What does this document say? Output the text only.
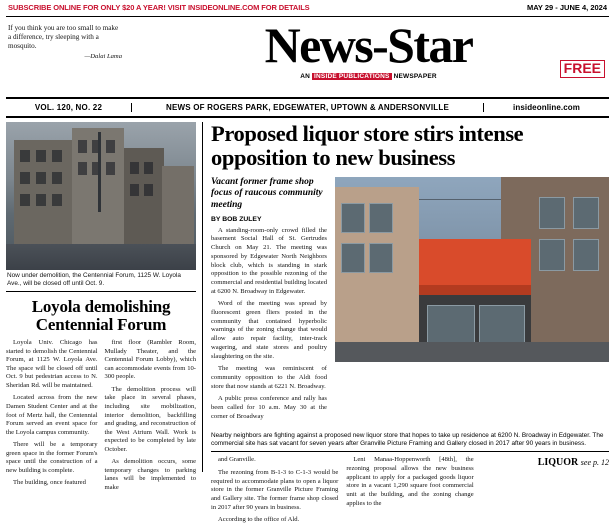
SUBSCRIBE ONLINE FOR ONLY $20 A YEAR! VISIT INSIDEONLINE.COM FOR DETAILS	MAY 29 - JUNE 4, 2024
If you think you are too small to make a difference, try sleeping with a mosquito.
—Dalai Lama	News-Star
AN INSIDE PUBLICATIONS NEWSPAPER	FREE
VOL. 120, NO. 22	NEWS OF ROGERS PARK, EDGEWATER, UPTOWN & ANDERSONVILLE	insideonline.com
Now under demolition, the Centennial Forum, 1125 W. Loyola Ave., will be closed off until Oct. 9.
Loyola demolishing Centennial Forum

Loyola Univ. Chicago has started to demolish the Centennial Forum, at 1125 W. Loyola Ave. The space will be closed off until Oct. 9 but pedestrian access to N. Sheridan Rd. will be maintained.

Located across from the new Damen Student Center and at the foot of Mertz hall, the Centennial Forum served an event space for the Loyola campus community.

There will be a temporary green space in the former Forum's space until the construction of a new building is complete.

The building, once featured

first floor (Rambler Room, Mullady Theater, and the Centennial Forum Lobby), which can accommodate events from 10-300 people.

The demolition process will take place in several phases, including site mobilization, interior demolition, backfilling and grading, and reconstruction of the West Atrium Wall. Work is expected to be completed by late October.

As demolition occurs, some temporary changes to parking lanes will be implemented to make

Proposed liquor store stirs intense opposition to new business
Vacant former frame shop focus of raucous community meeting
BY BOB ZULEY

A standing-room-only crowd filled the basement Social Hall of St. Gertrudes Church on May 21. The meeting was sponsored by Edgewater North Neighbors block club, which is standing in stark opposition to the possible rezoning of the commercial and residential building located at 6200 N. Broadway in Edgewater.

Word of the meeting was spread by fluorescent green fliers posted in the community that contained hyperbolic warnings of the zoning change that would allow auto repair facility, inter-track wagering, and state stores and poultry slaughtering on the site.

The meeting was reminiscent of community opposition to the Aldi food store that now stands at 6221 N. Broadway.

A public press conference and rally has been called for 10 a.m. May 30 at the corner of Broadway

Nearby neighbors are fighting against a proposed new liquor store that hopes to take up residence at 6200 N. Broadway in Edgewater. The commercial site has sat vacant for seven years after Granville Picture Framing and Gallery closed in 2017 after 90 years in business.

and Granville.

The rezoning from B-1-3 to C-1-3 would be required to accommodate plans to open a liquor store in the former Granville Picture Framing and Gallery site. The former frame shop closed in 2017 after 90 years in business.

According to the office of Ald.

Leni Manaa-Hoppenworth [48th], the rezoning proposal allows the new business applicant to apply for a packaged goods liquor store in a vacant 1,290 square foot commercial unit at the building, and the zoning change applies to the

LIQUOR see p. 12
